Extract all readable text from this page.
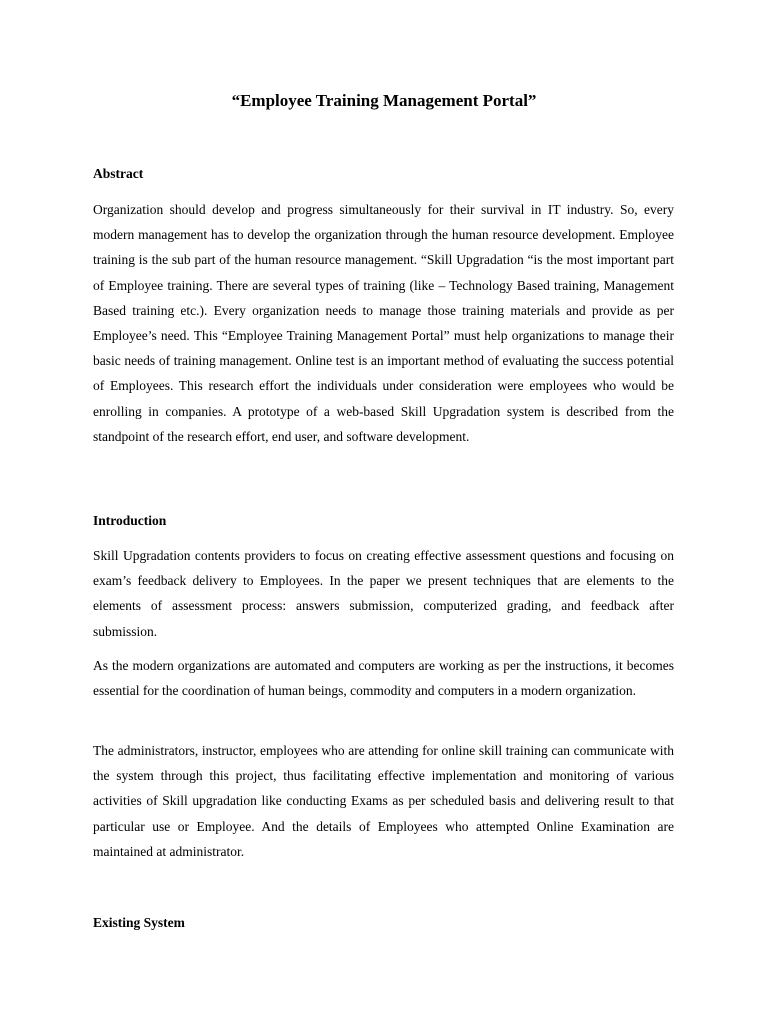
“Employee Training Management Portal”
Abstract

Organization should develop and progress simultaneously for their survival in IT industry. So, every modern management has to develop the organization through the human resource development. Employee training is the sub part of the human resource management. “Skill Upgradation “is the most important part of Employee training. There are several types of training (like – Technology Based training, Management Based training etc.). Every organization needs to manage those training materials and provide as per Employee’s need. This “Employee Training Management Portal” must help organizations to manage their basic needs of training management. Online test is an important method of evaluating the success potential of Employees. This research effort the individuals under consideration were employees who would be enrolling in companies. A prototype of a web-based Skill Upgradation system is described from the standpoint of the research effort, end user, and software development.

Introduction

Skill Upgradation contents providers to focus on creating effective assessment questions and focusing on exam’s feedback delivery to Employees. In the paper we present techniques that are elements to the elements of assessment process: answers submission, computerized grading, and feedback after submission.

As the modern organizations are automated and computers are working as per the instructions, it becomes essential for the coordination of human beings, commodity and computers in a modern organization.

The administrators, instructor, employees who are attending for online skill training can communicate with the system through this project, thus facilitating effective implementation and monitoring of various activities of Skill upgradation like conducting Exams as per scheduled basis and delivering result to that particular use or Employee. And the details of Employees who attempted Online Examination are maintained at administrator.

Existing System
